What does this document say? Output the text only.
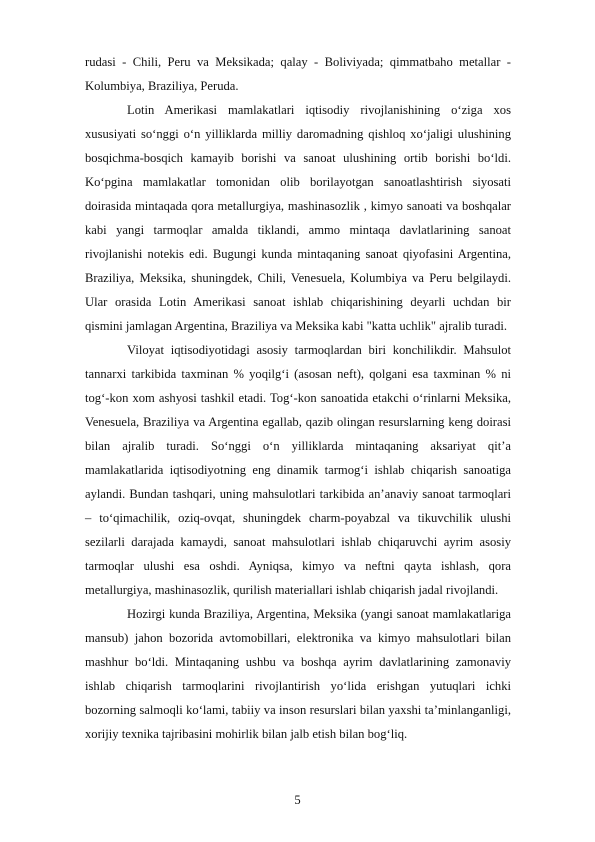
rudasi - Chili, Peru va Meksikada; qalay - Boliviyada; qimmatbaho metallar - Kolumbiya, Braziliya, Peruda.

Lotin Amerikasi mamlakatlari iqtisodiy rivojlanishining o‘ziga xos xususiyati so‘nggi o‘n yilliklarda milliy daromadning qishloq xo‘jaligi ulushining bosqichma-bosqich kamayib borishi va sanoat ulushining ortib borishi bo‘ldi. Ko‘pgina mamlakatlar tomonidan olib borilayotgan sanoatlashtirish siyosati doirasida mintaqada qora metallurgiya, mashinasozlik , kimyo sanoati va boshqalar kabi yangi tarmoqlar amalda tiklandi, ammo mintaqa davlatlarining sanoat rivojlanishi notekis edi. Bugungi kunda mintaqaning sanoat qiyofasini Argentina, Braziliya, Meksika, shuningdek, Chili, Venesuela, Kolumbiya va Peru belgilaydi. Ular orasida Lotin Amerikasi sanoat ishlab chiqarishining deyarli uchdan bir qismini jamlagan Argentina, Braziliya va Meksika kabi "katta uchlik" ajralib turadi.

Viloyat iqtisodiyotidagi asosiy tarmoqlardan biri konchilikdir. Mahsulot tannarxi tarkibida taxminan % yoqilg‘i (asosan neft), qolgani esa taxminan % ni tog‘-kon xom ashyosi tashkil etadi. Tog‘-kon sanoatida etakchi o‘rinlarni Meksika, Venesuela, Braziliya va Argentina egallab, qazib olingan resurslarning keng doirasi bilan ajralib turadi. So‘nggi o‘n yilliklarda mintaqaning aksariyat qit’a mamlakatlarida iqtisodiyotning eng dinamik tarmog‘i ishlab chiqarish sanoatiga aylandi. Bundan tashqari, uning mahsulotlari tarkibida an’anaviy sanoat tarmoqlari – to‘qimachilik, oziq-ovqat, shuningdek charm-poyabzal va tikuvchilik ulushi sezilarli darajada kamaydi, sanoat mahsulotlari ishlab chiqaruvchi ayrim asosiy tarmoqlar ulushi esa oshdi. Ayniqsa, kimyo va neftni qayta ishlash, qora metallurgiya, mashinasozlik, qurilish materiallari ishlab chiqarish jadal rivojlandi.

Hozirgi kunda Braziliya, Argentina, Meksika (yangi sanoat mamlakatlariga mansub) jahon bozorida avtomobillari, elektronika va kimyo mahsulotlari bilan mashhur bo‘ldi. Mintaqaning ushbu va boshqa ayrim davlatlarining zamonaviy ishlab chiqarish tarmoqlarini rivojlantirish yo‘lida erishgan yutuqlari ichki bozorning salmoqli ko‘lami, tabiiy va inson resurslari bilan yaxshi ta’minlanganligi, xorijiy texnika tajribasini mohirlik bilan jalb etish bilan bog‘liq.

5
